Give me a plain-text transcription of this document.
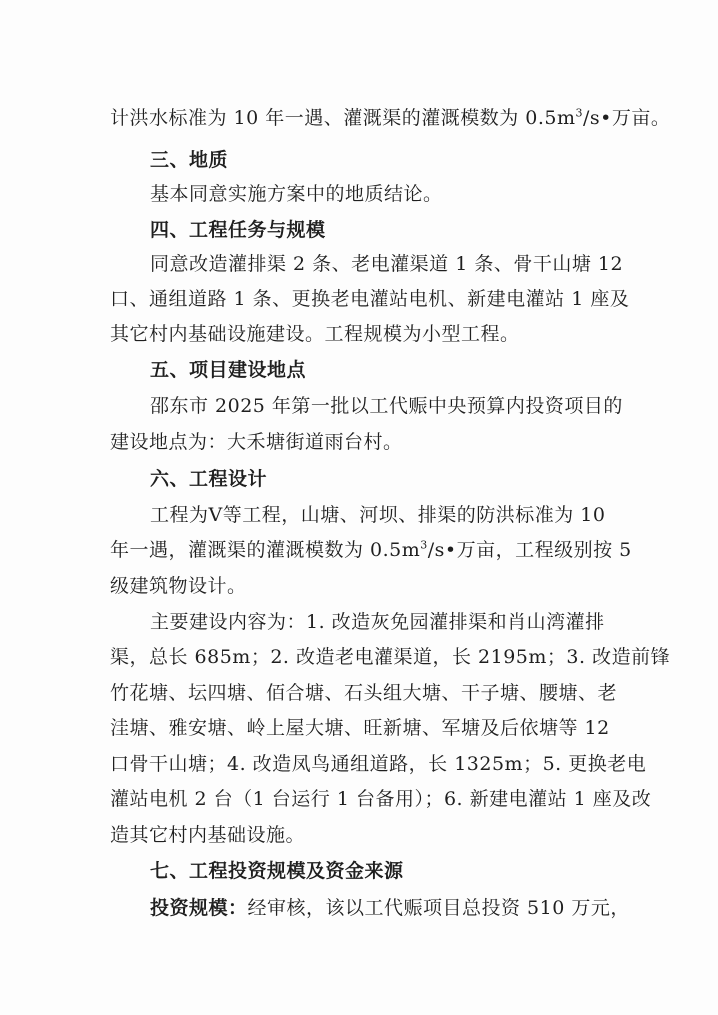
计洪水标准为 10 年一遇、灌溉渠的灌溉模数为 $0.5m^3/s•$万亩。
三、地质
基本同意实施方案中的地质结论。
四、工程任务与规模
同意改造灌排渠 2 条、老电灌渠道 1 条、骨干山塘 12
口、通组道路 1 条、更换老电灌站电机、新建电灌站 1 座及
其它村内基础设施建设。工程规模为小型工程。
五、项目建设地点
邵东市 2025 年第一批以工代赈中央预算内投资项目的
建设地点为：大禾塘街道雨台村。
六、工程设计
工程为Ⅴ等工程，山塘、河坝、排渠的防洪标准为 10
年一遇，灌溉渠的灌溉模数为 $0.5m^3/s•$万亩，工程级别按 5
级建筑物设计。
主要建设内容为：1. 改造灰免园灌排渠和肖山湾灌排
渠，总长 685m；2. 改造老电灌渠道，长 2195m；3. 改造前锋
竹花塘、坛四塘、佰合塘、石头组大塘、干子塘、腰塘、老
洼塘、雅安塘、岭上屋大塘、旺新塘、军塘及后依塘等 12
口骨干山塘；4. 改造凤鸟通组道路，长 1325m；5. 更换老电
灌站电机 2 台（1 台运行 1 台备用）；6. 新建电灌站 1 座及改
造其它村内基础设施。
七、工程投资规模及资金来源
投资规模：经审核，该以工代赈项目总投资 510 万元，
